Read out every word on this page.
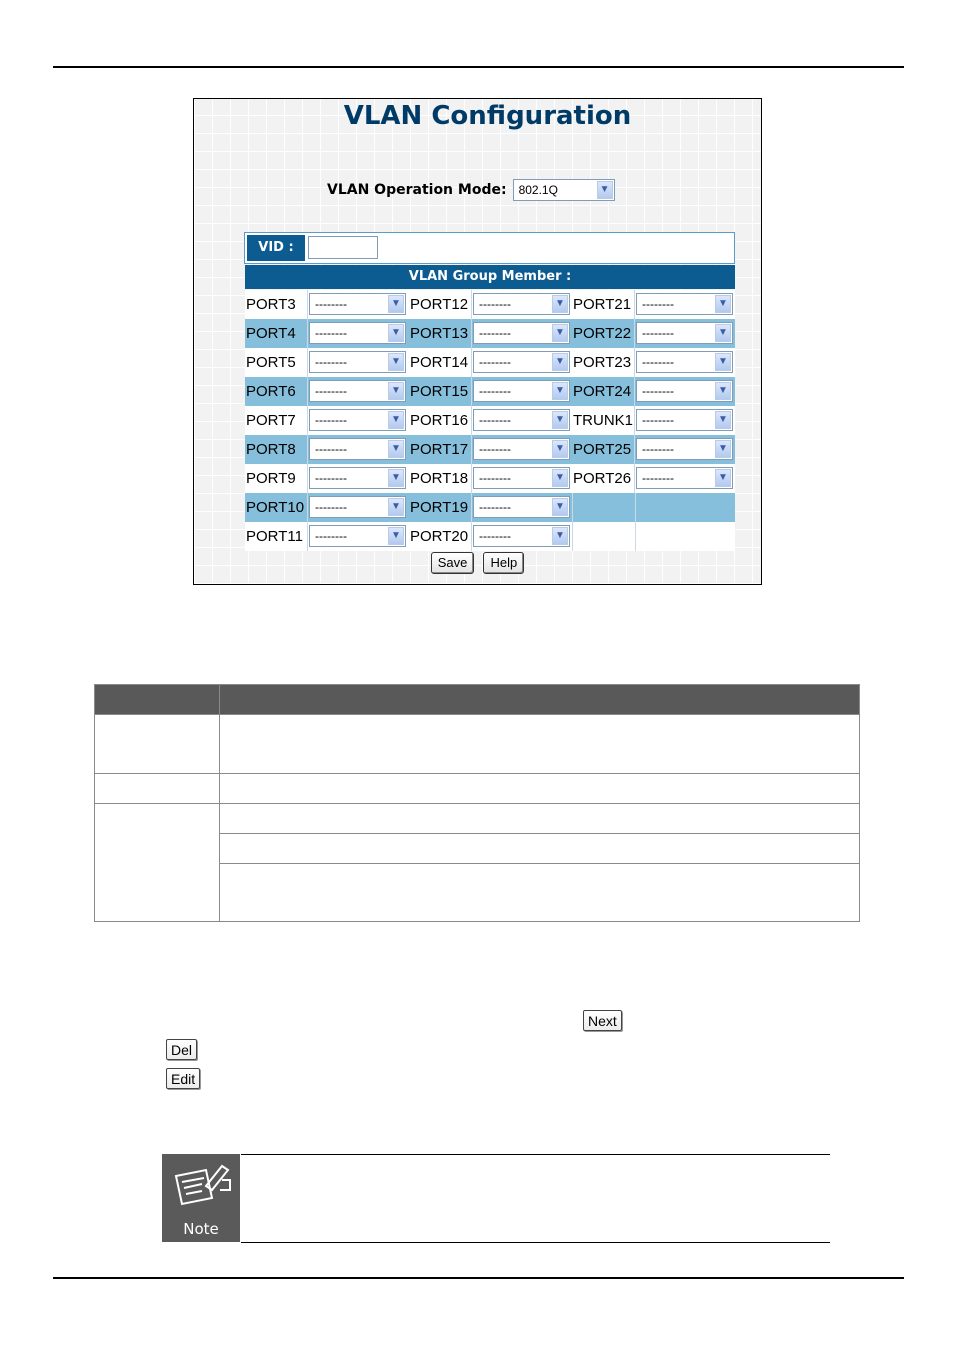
VLAN Configuration
VLAN Operation Mode:	802.1Q	▼
VID :
VLAN Group Member :
PORT3	--------	▼ PORT12 --------	▼ PORT21 --------	▼
PORT4	--------	▼ PORT13 --------	▼ PORT22 --------	▼
PORT5	--------	▼ PORT14 --------	▼ PORT23 --------	▼
PORT6	--------	▼ PORT15 --------	▼ PORT24 --------	▼
PORT7	--------	▼ PORT16 --------	▼ TRUNK1 --------	▼
PORT8	--------	▼ PORT17 --------	▼ PORT25 --------	▼
PORT9	--------	▼ PORT18 --------	▼ PORT26 --------	▼
PORT10 --------	▼ PORT19 --------	▼
PORT11	--------	▼ PORT20 --------	▼
Save Help

Next
Del
Edit
Note
